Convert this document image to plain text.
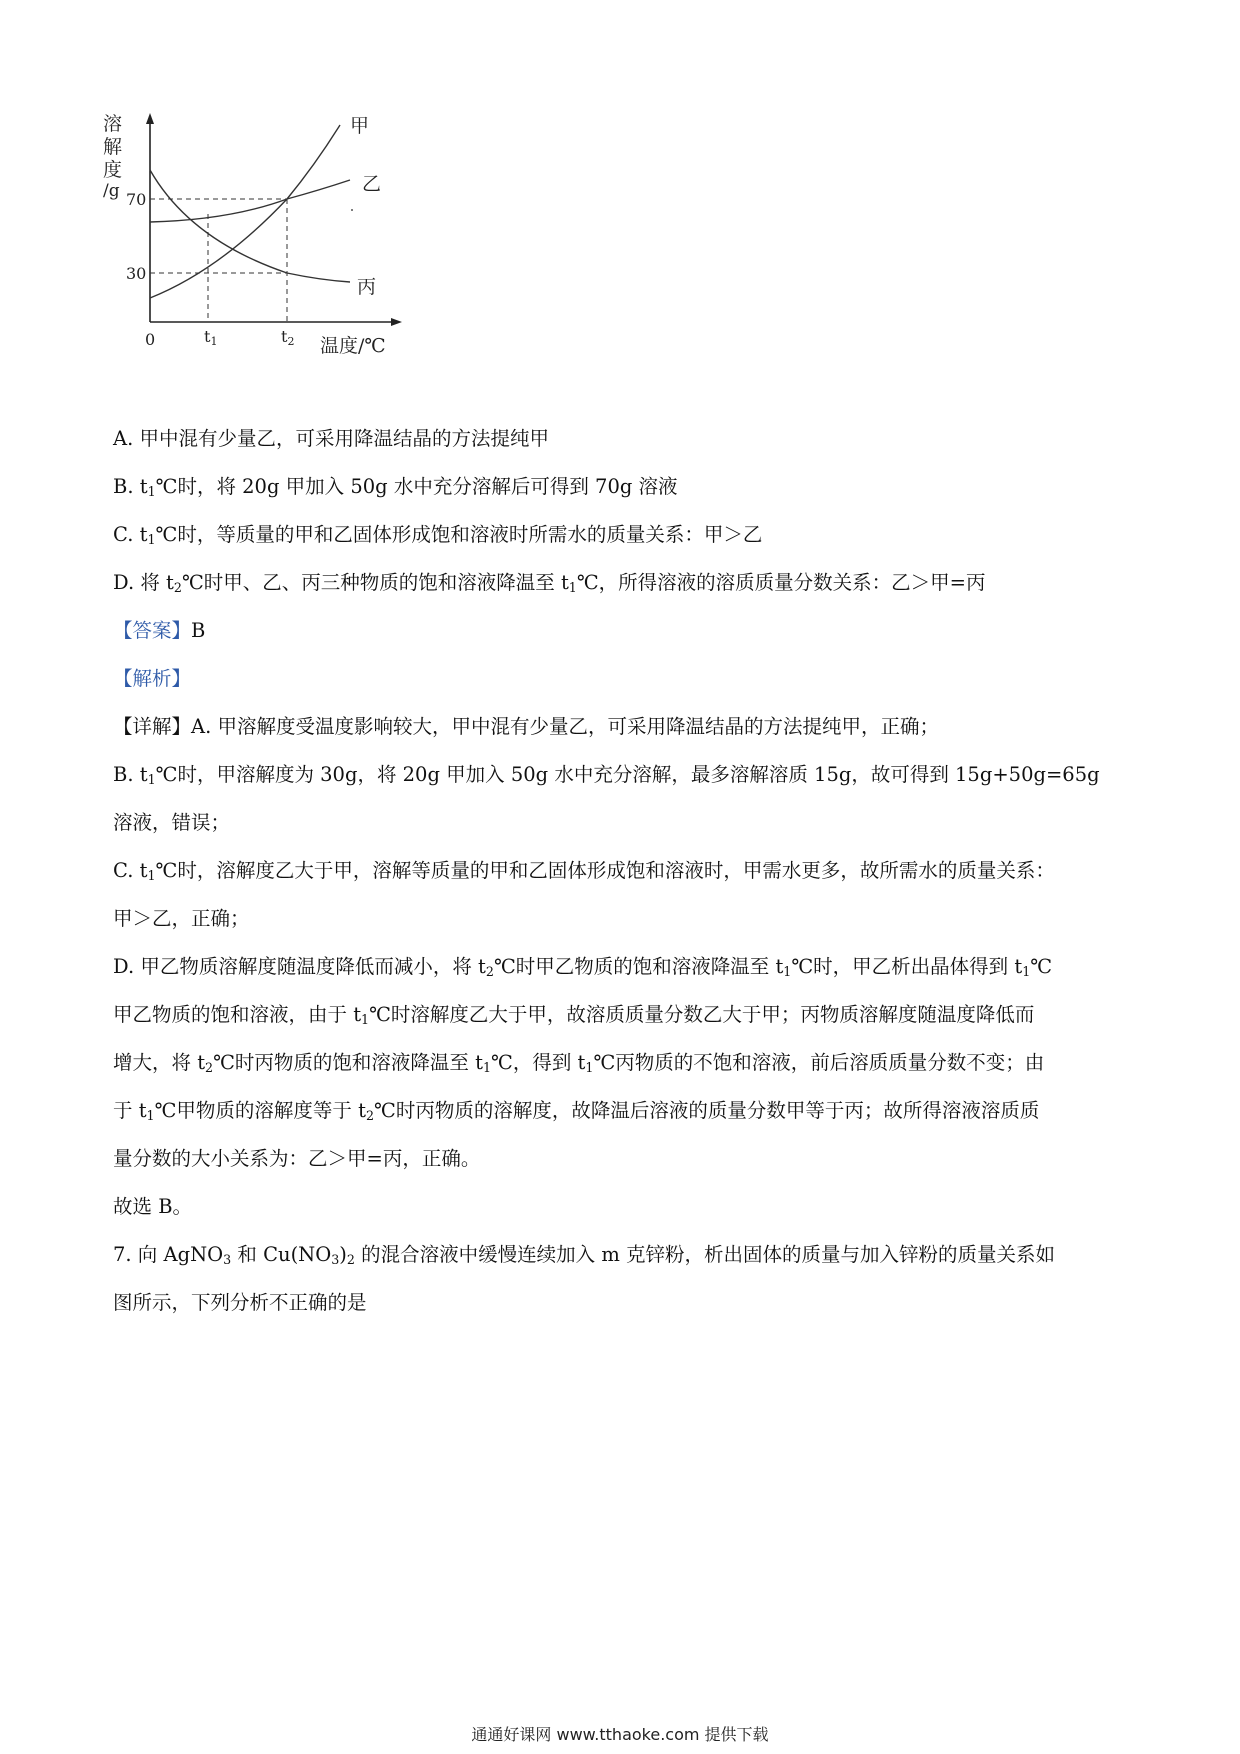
溶
解
度
/g 70
30
0	t1	t2 温度/℃
甲
乙
丙
A. 甲中混有少量乙，可采用降温结晶的方法提纯甲
B. $t_1℃$时，将 20g 甲加入 50g 水中充分溶解后可得到 70g 溶液
C. $t_1℃$时，等质量的甲和乙固体形成饱和溶液时所需水的质量关系：甲＞乙
D. 将 $t_2℃$时甲、乙、丙三种物质的饱和溶液降温至 $t_1℃$，所得溶液的溶质质量分数关系：乙＞甲=丙
【答案】B
【解析】
【详解】A. 甲溶解度受温度影响较大，甲中混有少量乙，可采用降温结晶的方法提纯甲，正确；
B. $t_1℃$时，甲溶解度为 30g，将 20g 甲加入 50g 水中充分溶解，最多溶解溶质 15g，故可得到 15g+50g=65g
溶液，错误；
C. $t_1℃$时，溶解度乙大于甲，溶解等质量的甲和乙固体形成饱和溶液时，甲需水更多，故所需水的质量关系：
甲＞乙，正确；
D. 甲乙物质溶解度随温度降低而减小，将 $t_2℃$时甲乙物质的饱和溶液降温至 $t_1℃$时，甲乙析出晶体得到 $t_1℃$
甲乙物质的饱和溶液，由于 $t_1℃$时溶解度乙大于甲，故溶质质量分数乙大于甲；丙物质溶解度随温度降低而
增大，将 $t_2℃$时丙物质的饱和溶液降温至 $t_1℃$，得到 $t_1℃$丙物质的不饱和溶液，前后溶质质量分数不变；由
于 $t_1℃$甲物质的溶解度等于 $t_2℃$时丙物质的溶解度，故降温后溶液的质量分数甲等于丙；故所得溶液溶质质
量分数的大小关系为：乙＞甲=丙，正确。
故选 B。
7. 向 AgNO$_3$ 和 $Cu(NO_3)_2$ 的混合溶液中缓慢连续加入 m 克锌粉，析出固体的质量与加入锌粉的质量关系如
图所示，下列分析不正确的是
通通好课网 www.tthaoke.com 提供下载
